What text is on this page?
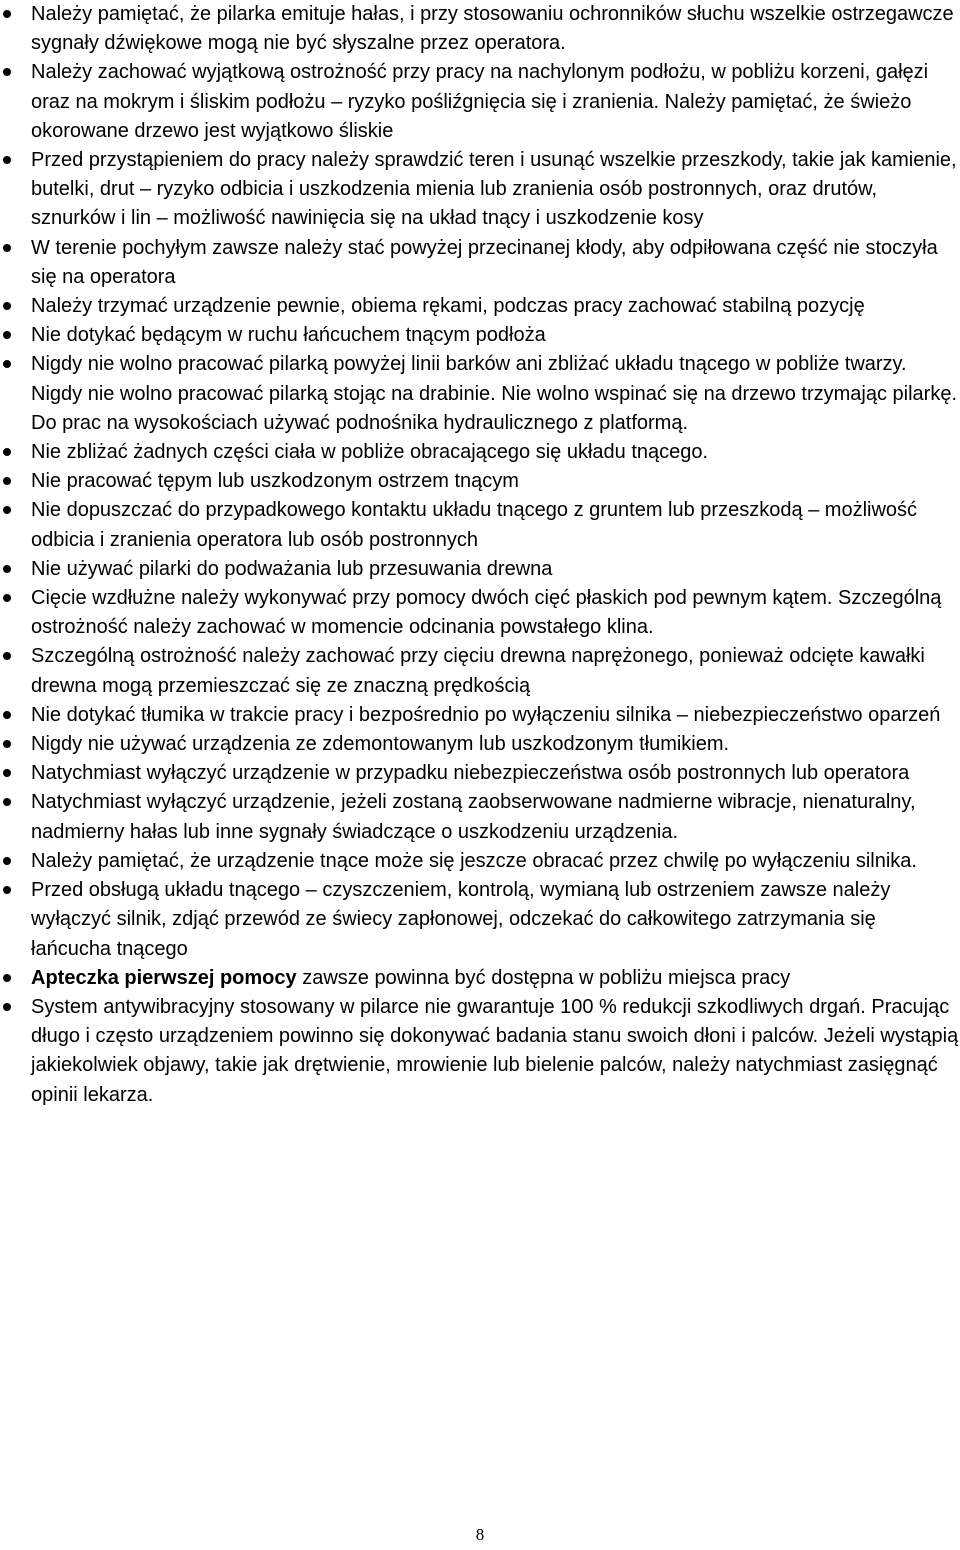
Należy pamiętać, że pilarka emituje hałas, i przy stosowaniu ochronników słuchu wszelkie ostrzegawcze sygnały dźwiękowe mogą nie być słyszalne przez operatora.
Należy zachować wyjątkową ostrożność przy pracy na nachylonym podłożu, w pobliżu korzeni, gałęzi oraz na mokrym i śliskim podłożu – ryzyko pośliźgnięcia się i zranienia. Należy pamiętać, że świeżo okorowane drzewo jest wyjątkowo śliskie
Przed przystąpieniem do pracy należy sprawdzić teren i usunąć wszelkie przeszkody, takie jak kamienie, butelki, drut – ryzyko odbicia i uszkodzenia mienia lub zranienia osób postronnych, oraz drutów, sznurków i lin – możliwość nawinięcia się na układ tnący i uszkodzenie kosy
W terenie pochyłym zawsze należy stać powyżej przecinanej kłody, aby odpiłowana część nie stoczyła się na operatora
Należy trzymać urządzenie pewnie, obiema rękami, podczas pracy zachować stabilną pozycję
Nie dotykać będącym w ruchu łańcuchem tnącym podłoża
Nigdy nie wolno pracować pilarką powyżej linii barków ani zbliżać układu tnącego w pobliże twarzy. Nigdy nie wolno pracować pilarką stojąc na drabinie. Nie wolno wspinać się na drzewo trzymając pilarkę. Do prac na wysokościach używać podnośnika hydraulicznego z platformą.
Nie zbliżać żadnych części ciała w pobliże obracającego się układu tnącego.
Nie pracować tępym lub uszkodzonym ostrzem tnącym
Nie dopuszczać do przypadkowego kontaktu układu tnącego z gruntem lub przeszkodą – możliwość odbicia i zranienia operatora lub osób postronnych
Nie używać pilarki do podważania lub przesuwania drewna
Cięcie wzdłużne należy wykonywać przy pomocy dwóch cięć płaskich pod pewnym kątem. Szczególną ostrożność należy zachować w momencie odcinania powstałego klina.
Szczególną ostrożność należy zachować przy cięciu drewna naprężonego, ponieważ odcięte kawałki drewna mogą przemieszczać się ze znaczną prędkością
Nie dotykać tłumika w trakcie pracy i bezpośrednio po wyłączeniu silnika – niebezpieczeństwo oparzeń
Nigdy nie używać urządzenia ze zdemontowanym lub uszkodzonym tłumikiem.
Natychmiast wyłączyć urządzenie w przypadku niebezpieczeństwa osób postronnych lub operatora
Natychmiast wyłączyć urządzenie, jeżeli zostaną zaobserwowane nadmierne wibracje, nienaturalny, nadmierny hałas lub inne sygnały świadczące o uszkodzeniu urządzenia.
Należy pamiętać, że urządzenie tnące może się jeszcze obracać przez chwilę po wyłączeniu silnika.
Przed obsługą układu tnącego – czyszczeniem, kontrolą, wymianą lub ostrzeniem zawsze należy wyłączyć silnik, zdjąć przewód ze świecy zapłonowej, odczekać do całkowitego zatrzymania się łańcucha tnącego
Apteczka pierwszej pomocy zawsze powinna być dostępna w pobliżu miejsca pracy
System antywibracyjny stosowany w pilarce nie gwarantuje 100 % redukcji szkodliwych drgań. Pracując długo i często urządzeniem powinno się dokonywać badania stanu swoich dłoni i palców. Jeżeli wystąpią jakiekolwiek objawy, takie jak drętwienie, mrowienie lub bielenie palców, należy natychmiast zasięgnąć opinii lekarza.
8
